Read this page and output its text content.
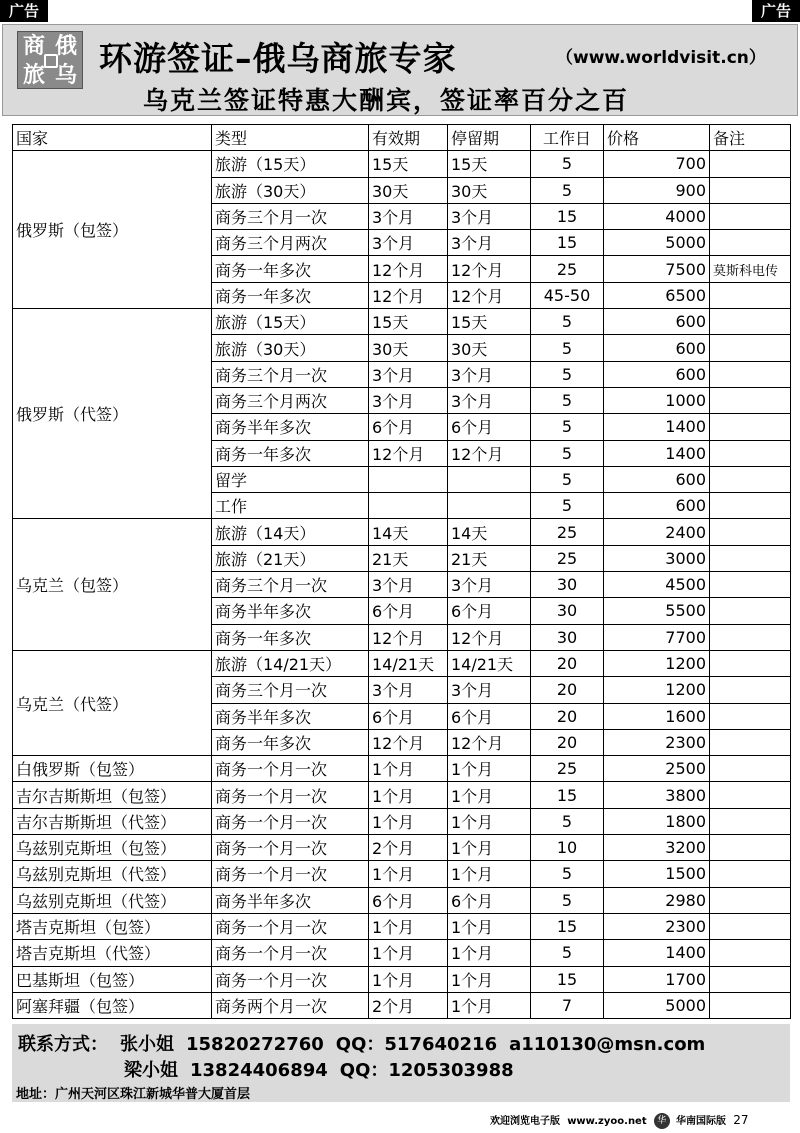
广告	广告
商 俄
旅 乌 环游签证–俄乌商旅专家	（www.worldvisit.cn）
乌克兰签证特惠大酬宾，签证率百分之百
国家	类型	有效期	停留期	工作日	价格	备注
俄罗斯（包签）	旅游（15天）	15天	15天	5	700	
	旅游（30天）	30天	30天	5	900	
	商务三个月一次	3个月	3个月	15	4000	
	商务三个月两次	3个月	3个月	15	5000	
	商务一年多次	12个月	12个月	25	7500	莫斯科电传
	商务一年多次	12个月	12个月	45-50	6500	
俄罗斯（代签）	旅游（15天）	15天	15天	5	600	
	旅游（30天）	30天	30天	5	600	
	商务三个月一次	3个月	3个月	5	600	
	商务三个月两次	3个月	3个月	5	1000	
	商务半年多次	6个月	6个月	5	1400	
	商务一年多次	12个月	12个月	5	1400	
	留学			5	600	
	工作			5	600	
乌克兰（包签）	旅游（14天）	14天	14天	25	2400	
	旅游（21天）	21天	21天	25	3000	
	商务三个月一次	3个月	3个月	30	4500	
	商务半年多次	6个月	6个月	30	5500	
	商务一年多次	12个月	12个月	30	7700	
乌克兰（代签）	旅游（14/21天）	14/21天	14/21天	20	1200	
	商务三个月一次	3个月	3个月	20	1200	
	商务半年多次	6个月	6个月	20	1600	
	商务一年多次	12个月	12个月	20	2300	
白俄罗斯（包签）	商务一个月一次	1个月	1个月	25	2500	
吉尔吉斯斯坦（包签）	商务一个月一次	1个月	1个月	15	3800	
吉尔吉斯斯坦（代签）	商务一个月一次	1个月	1个月	5	1800	
乌兹别克斯坦（包签）	商务一个月一次	2个月	1个月	10	3200	
乌兹别克斯坦（代签）	商务一个月一次	1个月	1个月	5	1500	
乌兹别克斯坦（代签）	商务半年多次	6个月	6个月	5	2980	
塔吉克斯坦（包签）	商务一个月一次	1个月	1个月	15	2300	
塔吉克斯坦（代签）	商务一个月一次	1个月	1个月	5	1400	
巴基斯坦（包签）	商务一个月一次	1个月	1个月	15	1700	
阿塞拜疆（包签）	商务两个月一次	2个月	1个月	7	5000	
联系方式： 张小姐 15820272760 QQ：517640216 a110130@msn.com
梁小姐 13824406894 QQ：1205303988
地址：广州天河区珠江新城华普大厦首层
欢迎浏览电子版 www.zyoo.net 华 华南国际版 27
